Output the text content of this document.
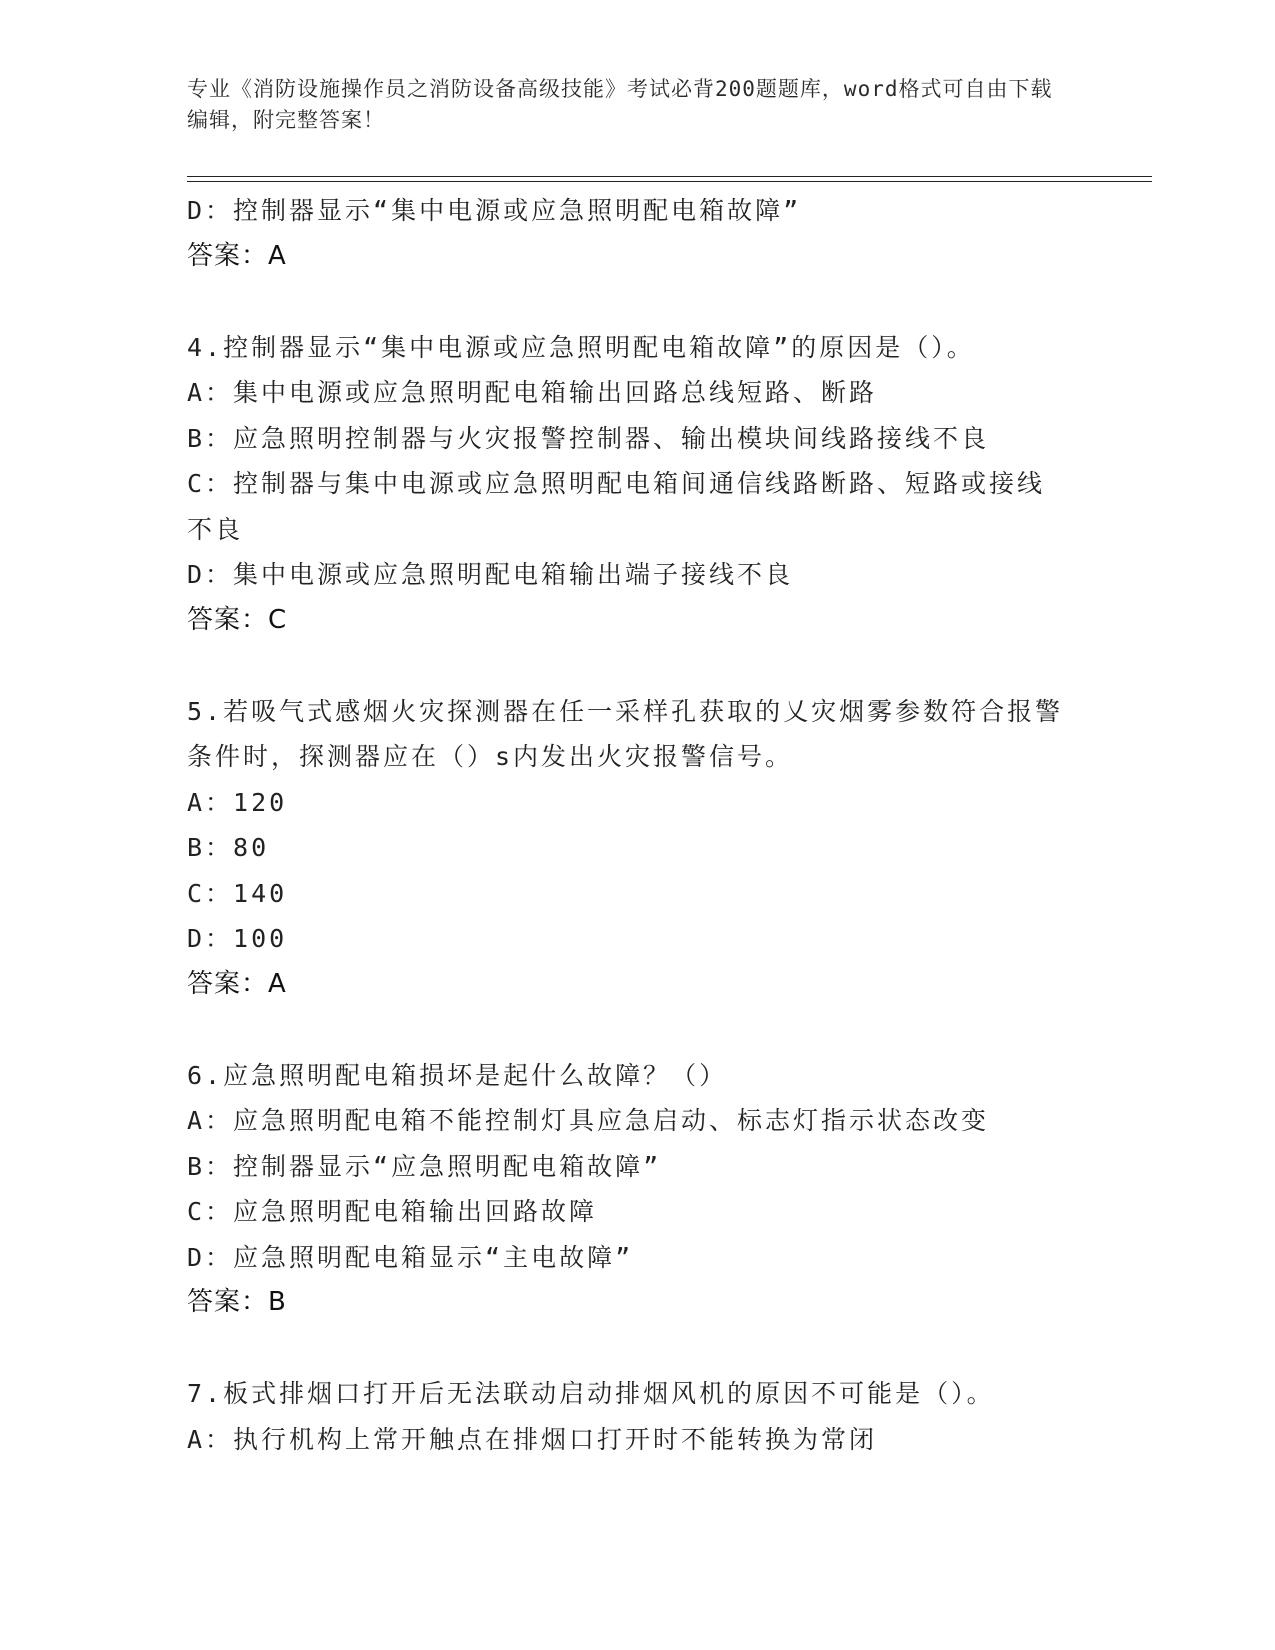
专业《消防设施操作员之消防设备高级技能》考试必背200题题库，word格式可自由下载编辑，附完整答案！

D：控制器显示“集中电源或应急照明配电箱故障”

答案：A

4.控制器显示“集中电源或应急照明配电箱故障”的原因是（）。

A：集中电源或应急照明配电箱输出回路总线短路、断路

B：应急照明控制器与火灾报警控制器、输出模块间线路接线不良

C：控制器与集中电源或应急照明配电箱间通信线路断路、短路或接线不良

D：集中电源或应急照明配电箱输出端子接线不良

答案：C

5.若吸气式感烟火灾探测器在任一采样孔获取的乂灾烟雾参数符合报警条件时，探测器应在（）s内发出火灾报警信号。

A：120

B：80

C：140

D：100

答案：A

6.应急照明配电箱损坏是起什么故障？（）

A：应急照明配电箱不能控制灯具应急启动、标志灯指示状态改变

B：控制器显示“应急照明配电箱故障”

C：应急照明配电箱输出回路故障

D：应急照明配电箱显示“主电故障”

答案：B

7.板式排烟口打开后无法联动启动排烟风机的原因不可能是（）。

A：执行机构上常开触点在排烟口打开时不能转换为常闭
